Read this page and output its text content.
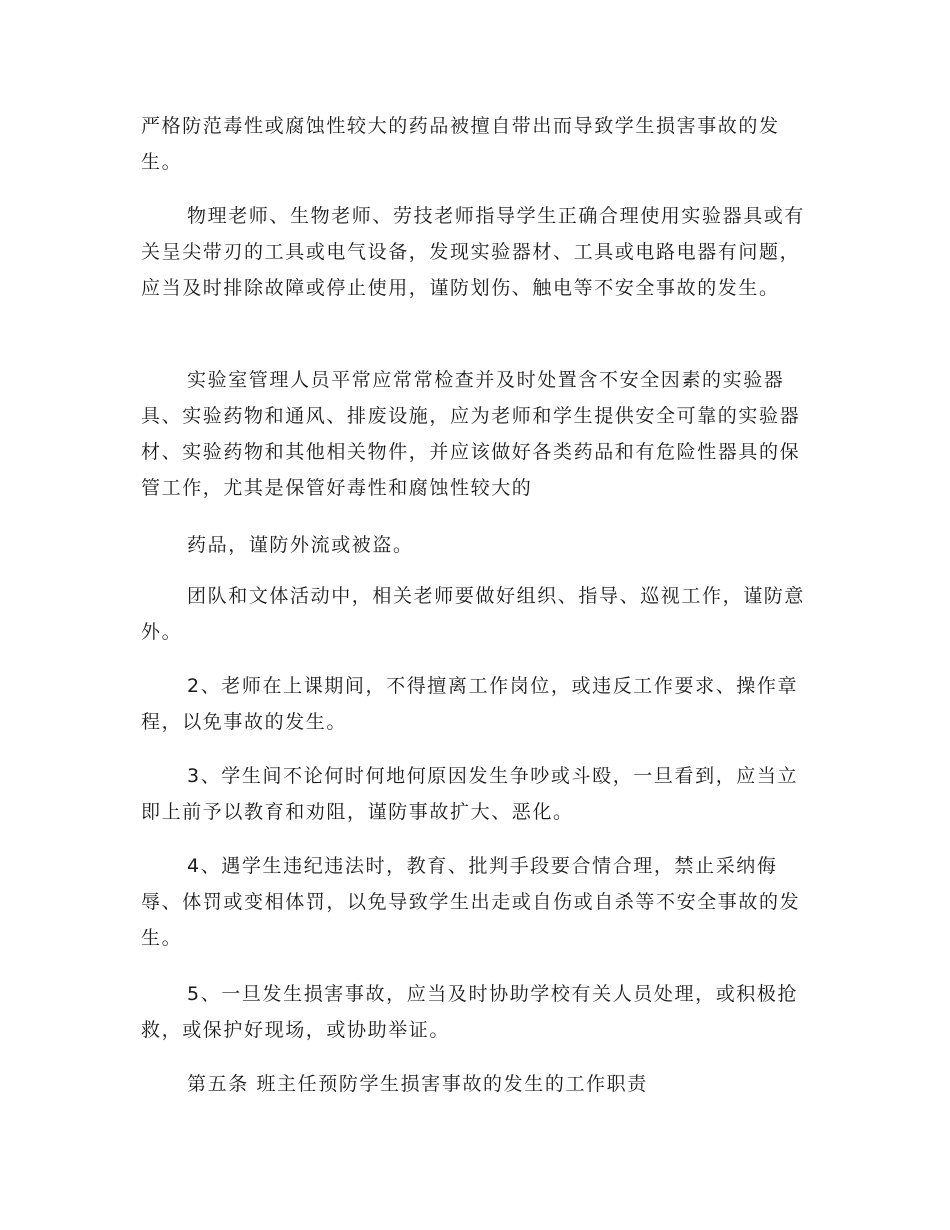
严格防范毒性或腐蚀性较大的药品被擅自带出而导致学生损害事故的发生。

物理老师、生物老师、劳技老师指导学生正确合理使用实验器具或有关呈尖带刃的工具或电气设备，发现实验器材、工具或电路电器有问题，应当及时排除故障或停止使用，谨防划伤、触电等不安全事故的发生。

实验室管理人员平常应常常检查并及时处置含不安全因素的实验器具、实验药物和通风、排废设施，应为老师和学生提供安全可靠的实验器材、实验药物和其他相关物件，并应该做好各类药品和有危险性器具的保管工作，尤其是保管好毒性和腐蚀性较大的

药品，谨防外流或被盗。

团队和文体活动中，相关老师要做好组织、指导、巡视工作，谨防意外。

2、老师在上课期间，不得擅离工作岗位，或违反工作要求、操作章程，以免事故的发生。

3、学生间不论何时何地何原因发生争吵或斗殴，一旦看到，应当立即上前予以教育和劝阻，谨防事故扩大、恶化。

4、遇学生违纪违法时，教育、批判手段要合情合理，禁止采纳侮辱、体罚或变相体罚，以免导致学生出走或自伤或自杀等不安全事故的发生。

5、一旦发生损害事故，应当及时协助学校有关人员处理，或积极抢救，或保护好现场，或协助举证。

第五条 班主任预防学生损害事故的发生的工作职责
